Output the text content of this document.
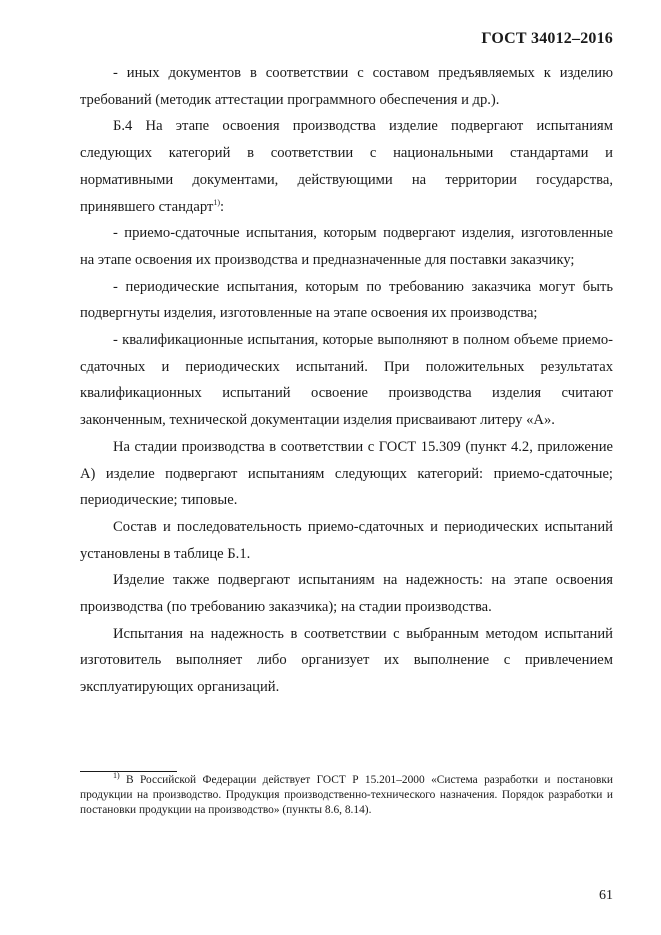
ГОСТ 34012–2016

- иных документов в соответствии с составом предъявляемых к изделию требований (методик аттестации программного обеспечения и др.).

Б.4 На этапе освоения производства изделие подвергают испытаниям следующих категорий в соответствии с национальными стандартами и нормативными документами, действующими на территории государства, принявшего стандарт$^{1)}$:

- приемо-сдаточные испытания, которым подвергают изделия, изготовленные на этапе освоения их производства и предназначенные для поставки заказчику;

- периодические испытания, которым по требованию заказчика могут быть подвергнуты изделия, изготовленные на этапе освоения их производства;

- квалификационные испытания, которые выполняют в полном объеме приемо-сдаточных и периодических испытаний. При положительных результатах квалификационных испытаний освоение производства изделия считают законченным, технической документации изделия присваивают литеру «А».

На стадии производства в соответствии с ГОСТ 15.309 (пункт 4.2, приложение А) изделие подвергают испытаниям следующих категорий: приемо-сдаточные; периодические; типовые.

Состав и последовательность приемо-сдаточных и периодических испытаний установлены в таблице Б.1.

Изделие также подвергают испытаниям на надежность: на этапе освоения производства (по требованию заказчика); на стадии производства.

Испытания на надежность в соответствии с выбранным методом испытаний изготовитель выполняет либо организует их выполнение с привлечением эксплуатирующих организаций.

$^{1)}$ В Российской Федерации действует ГОСТ Р 15.201–2000 «Система разработки и постановки продукции на производство. Продукция производственно-технического назначения. Порядок разработки и постановки продукции на производство» (пункты 8.6, 8.14).
61
